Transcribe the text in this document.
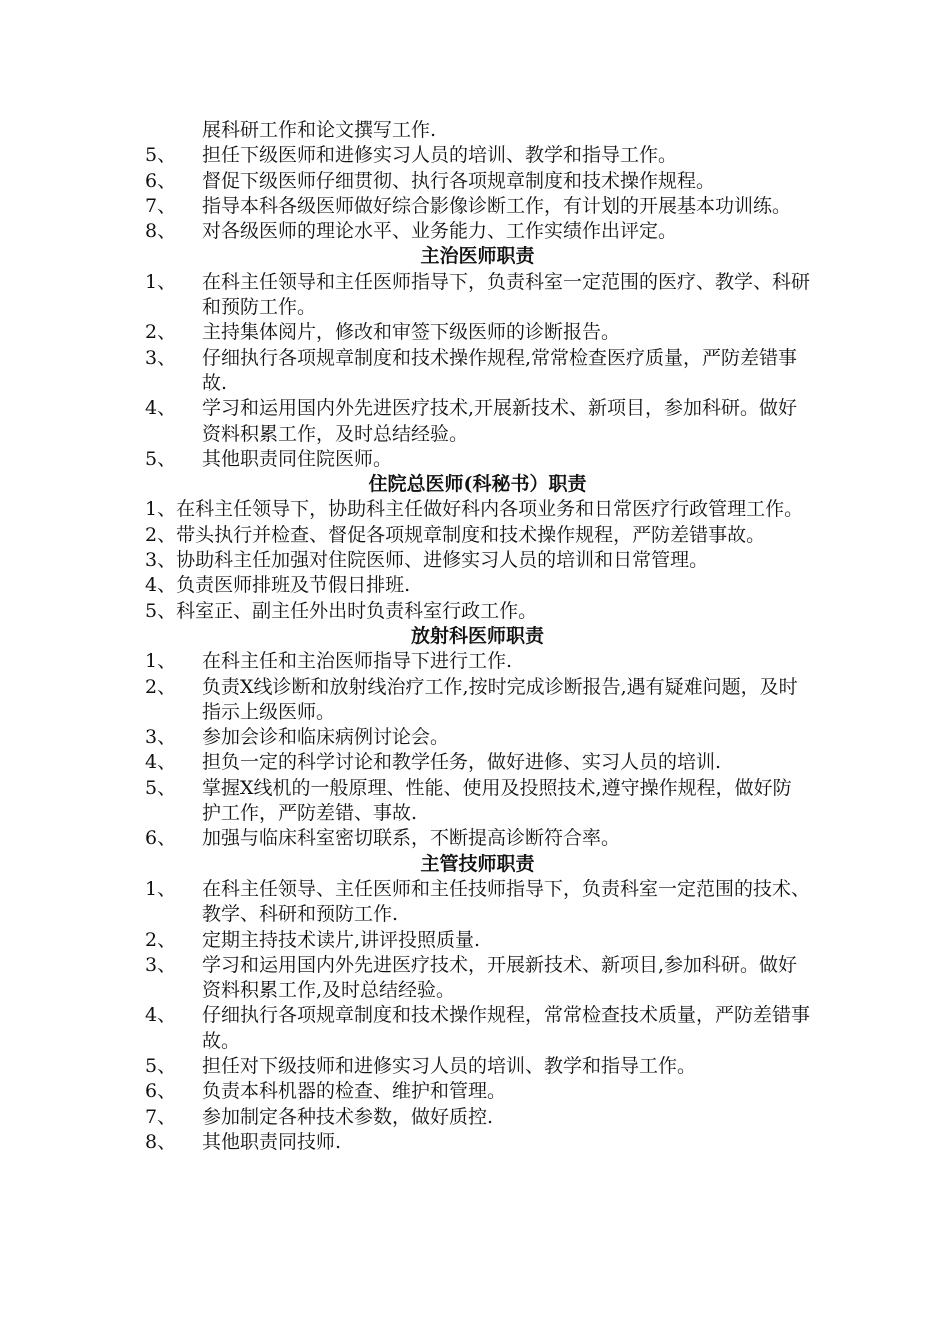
展科研工作和论文撰写工作.

5、	担任下级医师和进修实习人员的培训、教学和指导工作。
6、	督促下级医师仔细贯彻、执行各项规章制度和技术操作规程。
7、	指导本科各级医师做好综合影像诊断工作，有计划的开展基本功训练。
8、	对各级医师的理论水平、业务能力、工作实绩作出评定。
主治医师职责
1、	在科主任领导和主任医师指导下，负责科室一定范围的医疗、教学、科研和预防工作。
2、	主持集体阅片，修改和审签下级医师的诊断报告。
3、	仔细执行各项规章制度和技术操作规程,常常检查医疗质量，严防差错事故.
4、	学习和运用国内外先进医疗技术,开展新技术、新项目，参加科研。做好资料积累工作，及时总结经验。
5、	其他职责同住院医师。
住院总医师(科秘书）职责

1、在科主任领导下，协助科主任做好科内各项业务和日常医疗行政管理工作。

2、带头执行并检查、督促各项规章制度和技术操作规程，严防差错事故。

3、协助科主任加强对住院医师、进修实习人员的培训和日常管理。

4、负责医师排班及节假日排班.

5、科室正、副主任外出时负责科室行政工作。

放射科医师职责
1、	在科主任和主治医师指导下进行工作.
2、	负责X线诊断和放射线治疗工作,按时完成诊断报告,遇有疑难问题，及时指示上级医师。
3、	参加会诊和临床病例讨论会。
4、	担负一定的科学讨论和教学任务，做好进修、实习人员的培训.
5、	掌握X线机的一般原理、性能、使用及投照技术,遵守操作规程，做好防护工作，严防差错、事故.
6、	加强与临床科室密切联系，不断提高诊断符合率。
主管技师职责
1、	在科主任领导、主任医师和主任技师指导下，负责科室一定范围的技术、教学、科研和预防工作.
2、	定期主持技术读片,讲评投照质量.
3、	学习和运用国内外先进医疗技术，开展新技术、新项目,参加科研。做好资料积累工作,及时总结经验。
4、	仔细执行各项规章制度和技术操作规程，常常检查技术质量，严防差错事故。
5、	担任对下级技师和进修实习人员的培训、教学和指导工作。
6、	负责本科机器的检查、维护和管理。
7、	参加制定各种技术参数，做好质控.
8、	其他职责同技师.
